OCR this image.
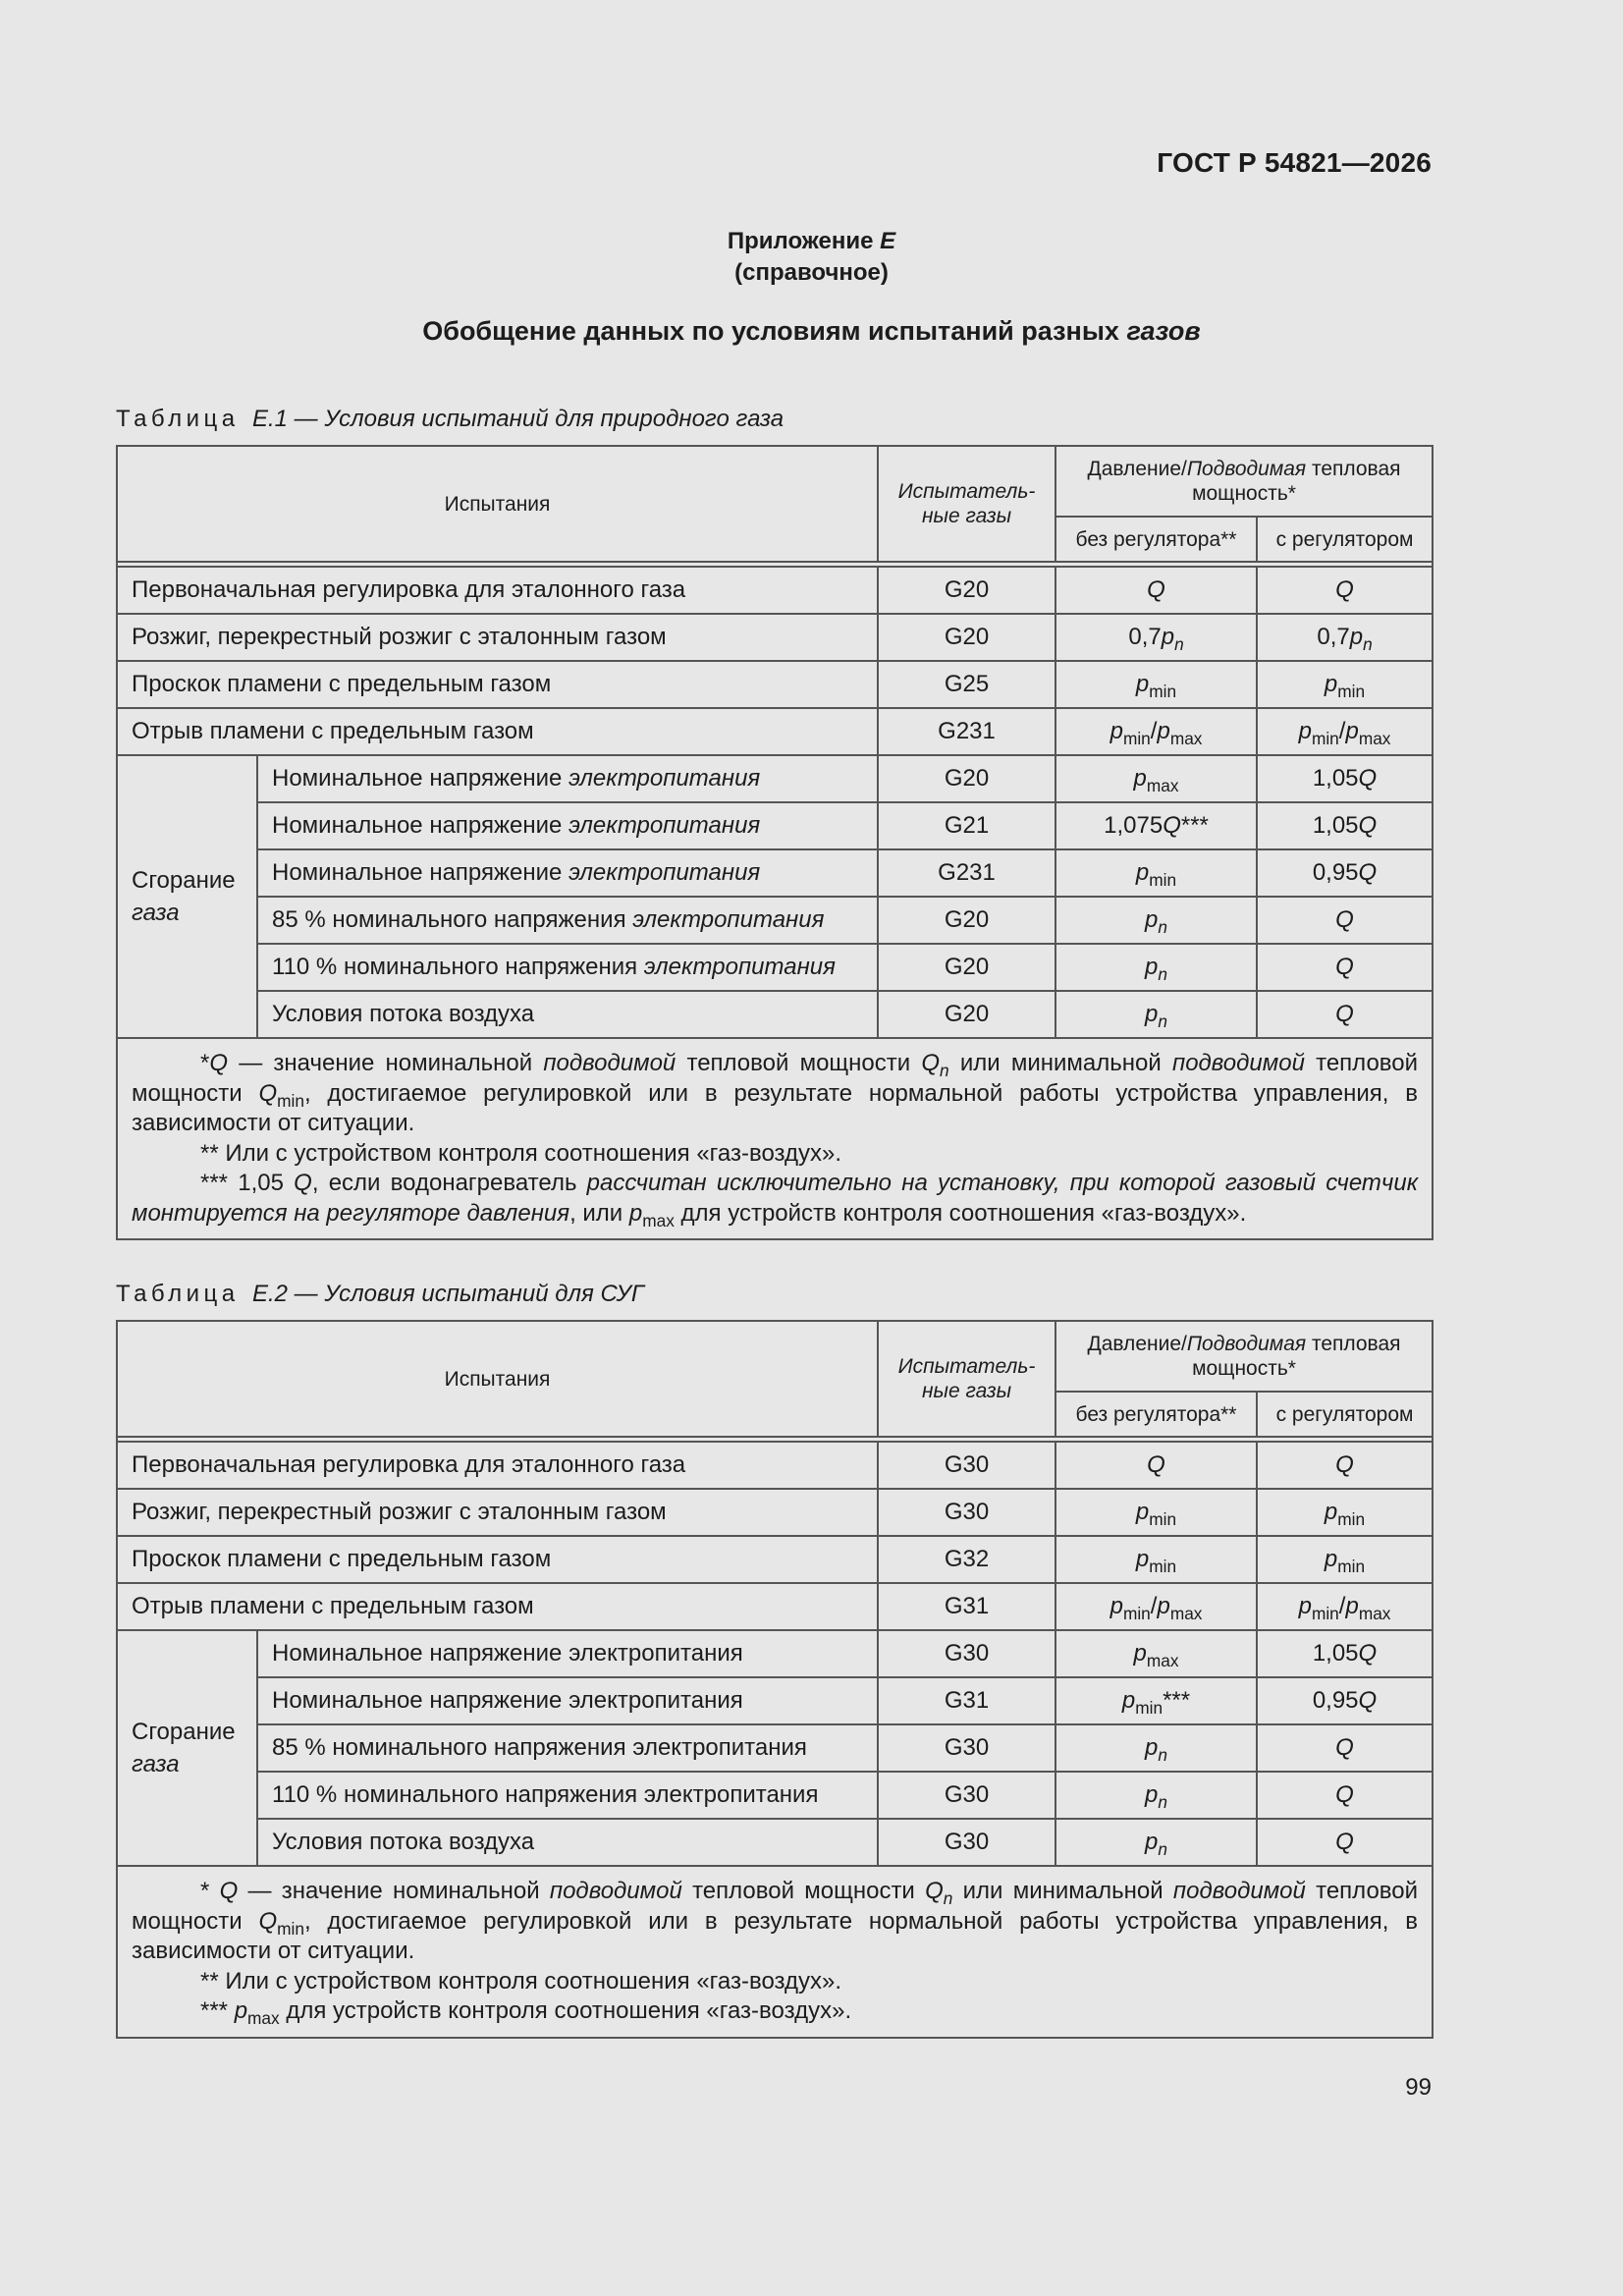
ГОСТ Р 54821—2026
Приложение Е
(справочное)
Обобщение данных по условиям испытаний разных газов
Таблица Е.1 — Условия испытаний для природного газа
Испытания		Испытатель-ные газы	Давление/Подводимая тепловая мощность*	
			без регулятора**	с регулятором

Первоначальная регулировка для эталонного газа		G20	Q	Q
Розжиг, перекрестный розжиг с эталонным газом		G20	$0,7p_n$	$0,7p_n$
Проскок пламени с предельным газом		G25	$p_{min}$	$p_{min}$
Отрыв пламени с предельным газом		G231	$p_{min}/p_{max}$	$p_{min}/p_{max}$
Сгорание
газа	Номинальное напряжение электропитания	G20	$p_{max}$	1,05Q
	Номинальное напряжение электропитания	G21	1,075Q***	1,05Q
	Номинальное напряжение электропитания	G231	$p_{min}$	0,95Q
	85 % номинального напряжения электропитания	G20	$p_n$	Q
	110 % номинального напряжения электропитания	G20	$p_n$	Q
	Условия потока воздуха	G20	$p_n$	Q

*Q — значение номинальной подводимой тепловой мощности $Q_n$ или минимальной подводимой тепловой мощности $Q_{min}$, достигаемое регулировкой или в результате нормальной работы устройства управления, в зависимости от ситуации.

** Или с устройством контроля соотношения «газ-воздух».

*** 1,05 Q, если водонагреватель рассчитан исключительно на установку, при которой газовый счетчик монтируется на регуляторе давления, или $p_{max}$ для устройств контроля соотношения «газ-воздух».				

Таблица Е.2 — Условия испытаний для СУГ
Испытания		Испытатель-ные газы	Давление/Подводимая тепловая мощность*	
			без регулятора**	с регулятором

Первоначальная регулировка для эталонного газа		G30	Q	Q
Розжиг, перекрестный розжиг с эталонным газом		G30	$p_{min}$	$p_{min}$
Проскок пламени с предельным газом		G32	$p_{min}$	$p_{min}$
Отрыв пламени с предельным газом		G31	$p_{min}/p_{max}$	$p_{min}/p_{max}$
Сгорание
газа	Номинальное напряжение электропитания	G30	$p_{max}$	1,05Q
	Номинальное напряжение электропитания	G31	$p_{min}***$	0,95Q
	85 % номинального напряжения электропитания	G30	$p_n$	Q
	110 % номинального напряжения электропитания	G30	$p_n$	Q
	Условия потока воздуха	G30	$p_n$	Q

* Q — значение номинальной подводимой тепловой мощности $Q_n$ или минимальной подводимой тепловой мощности $Q_{min}$, достигаемое регулировкой или в результате нормальной работы устройства управления, в зависимости от ситуации.

** Или с устройством контроля соотношения «газ-воздух».

*** $p_{max}$ для устройств контроля соотношения «газ-воздух».				

99
